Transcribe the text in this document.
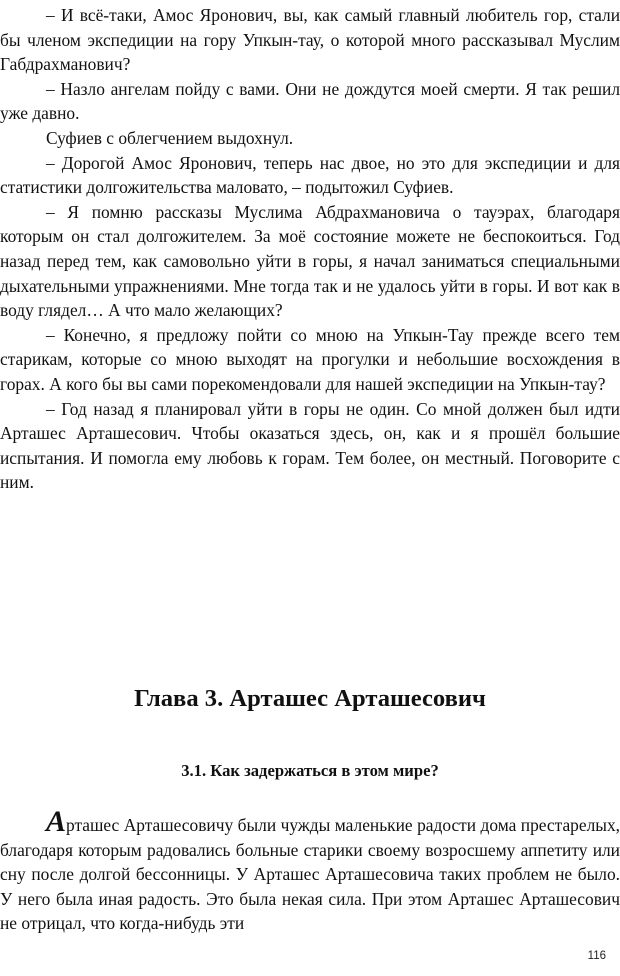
– И всё-таки, Амос Яронович, вы, как самый главный любитель гор, стали бы членом экспедиции на гору Упкын-тау, о которой много рассказывал Муслим Габдрахманович?

– Назло ангелам пойду с вами. Они не дождутся моей смерти. Я так решил уже давно.

Суфиев с облегчением выдохнул.

– Дорогой Амос Яронович, теперь нас двое, но это для экспедиции и для статистики долгожительства маловато, – подытожил Суфиев.

– Я помню рассказы Муслима Абдрахмановича о тауэрах, благодаря которым он стал долгожителем. За моё состояние можете не беспокоиться. Год назад перед тем, как самовольно уйти в горы, я начал заниматься специальными дыхательными упражнениями. Мне тогда так и не удалось уйти в горы. И вот как в воду глядел… А что мало желающих?

– Конечно, я предложу пойти со мною на Упкын-Тау прежде всего тем старикам, которые со мною выходят на прогулки и небольшие восхождения в горах. А кого бы вы сами порекомендовали для нашей экспедиции на Упкын-тау?

– Год назад я планировал уйти в горы не один. Со мной должен был идти Арташес Арташесович. Чтобы оказаться здесь, он, как и я прошёл большие испытания. И помогла ему любовь к горам. Тем более, он местный. Поговорите с ним.

Глава 3. Арташес Арташесович
3.1. Как задержаться в этом мире?

Арташес Арташесовичу были чужды маленькие радости дома престарелых, благодаря которым радовались больные старики своему возросшему аппетиту или сну после долгой бессонницы. У Арташес Арташесовича таких проблем не было. У него была иная радость. Это была некая сила. При этом Арташес Арташесович не отрицал, что когда-нибудь эти

116
